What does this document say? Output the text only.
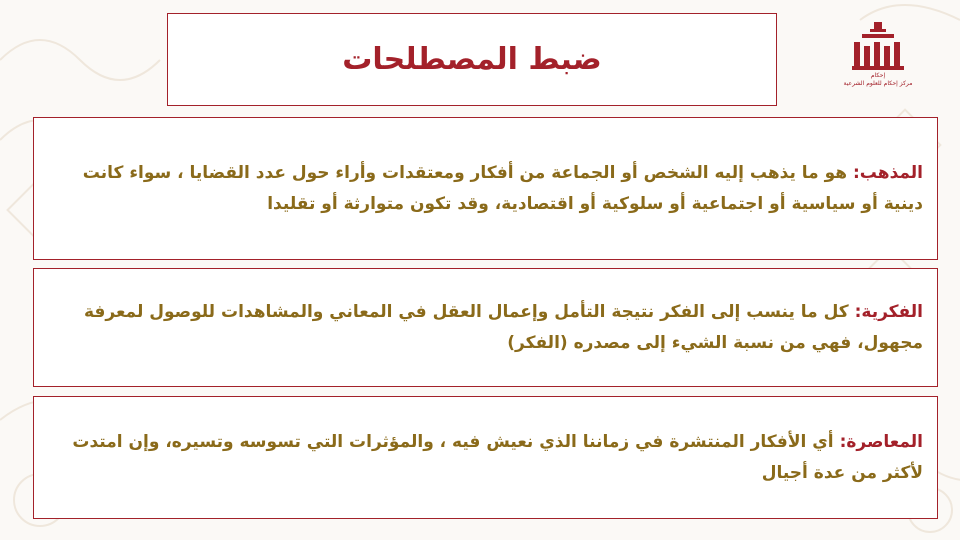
إحكام
مركز إحكام للعلوم الشرعية
ضبط المصطلحات

المذهب: هو ما يذهب إليه الشخص أو الجماعة من أفكار ومعتقدات وأراء حول عدد القضايا ، سواء كانت دينية أو سياسية أو اجتماعية أو سلوكية أو اقتصادية، وقد تكون متوارثة أو تقليدا

الفكرية: كل ما ينسب إلى الفكر نتيجة التأمل وإعمال العقل في المعاني والمشاهدات للوصول لمعرفة مجهول، فهي من نسبة الشيء إلى مصدره (الفكر)

المعاصرة: أي الأفكار المنتشرة في زماننا الذي نعيش فيه ، والمؤثرات التي تسوسه وتسيره، وإن امتدت لأكثر من عدة أجيال
